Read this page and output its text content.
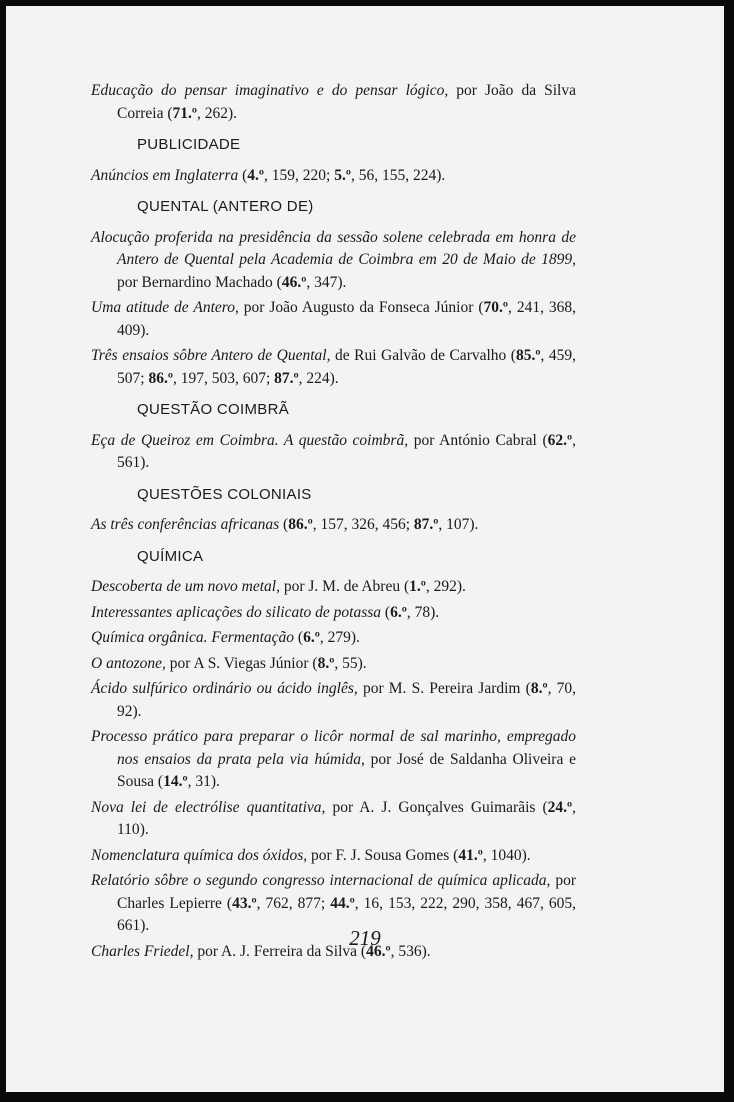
Educação do pensar imaginativo e do pensar lógico, por João da Silva Correia (71.º, 262).

PUBLICIDADE

Anúncios em Inglaterra (4.º, 159, 220; 5.º, 56, 155, 224).

QUENTAL (ANTERO DE)

Alocução proferida na presidência da sessão solene celebrada em honra de Antero de Quental pela Academia de Coimbra em 20 de Maio de 1899, por Bernardino Machado (46.º, 347).

Uma atitude de Antero, por João Augusto da Fonseca Júnior (70.º, 241, 368, 409).

Três ensaios sôbre Antero de Quental, de Rui Galvão de Carvalho (85.º, 459, 507; 86.º, 197, 503, 607; 87.º, 224).

QUESTÃO COIMBRÃ

Eça de Queiroz em Coimbra. A questão coimbrã, por António Cabral (62.º, 561).

QUESTÕES COLONIAIS

As três conferências africanas (86.º, 157, 326, 456; 87.º, 107).

QUÍMICA

Descoberta de um novo metal, por J. M. de Abreu (1.º, 292).

Interessantes aplicações do silicato de potassa (6.º, 78).

Química orgânica. Fermentação (6.º, 279).

O antozone, por A S. Viegas Júnior (8.º, 55).

Ácido sulfúrico ordinário ou ácido inglês, por M. S. Pereira Jardim (8.º, 70, 92).

Processo prático para preparar o licôr normal de sal marinho, empregado nos ensaios da prata pela via húmida, por José de Saldanha Oliveira e Sousa (14.º, 31).

Nova lei de electrólise quantitativa, por A. J. Gonçalves Guimarãis (24.º, 110).

Nomenclatura química dos óxidos, por F. J. Sousa Gomes (41.º, 1040).

Relatório sôbre o segundo congresso internacional de química aplicada, por Charles Lepierre (43.º, 762, 877; 44.º, 16, 153, 222, 290, 358, 467, 605, 661).

Charles Friedel, por A. J. Ferreira da Silva (46.º, 536).

219
